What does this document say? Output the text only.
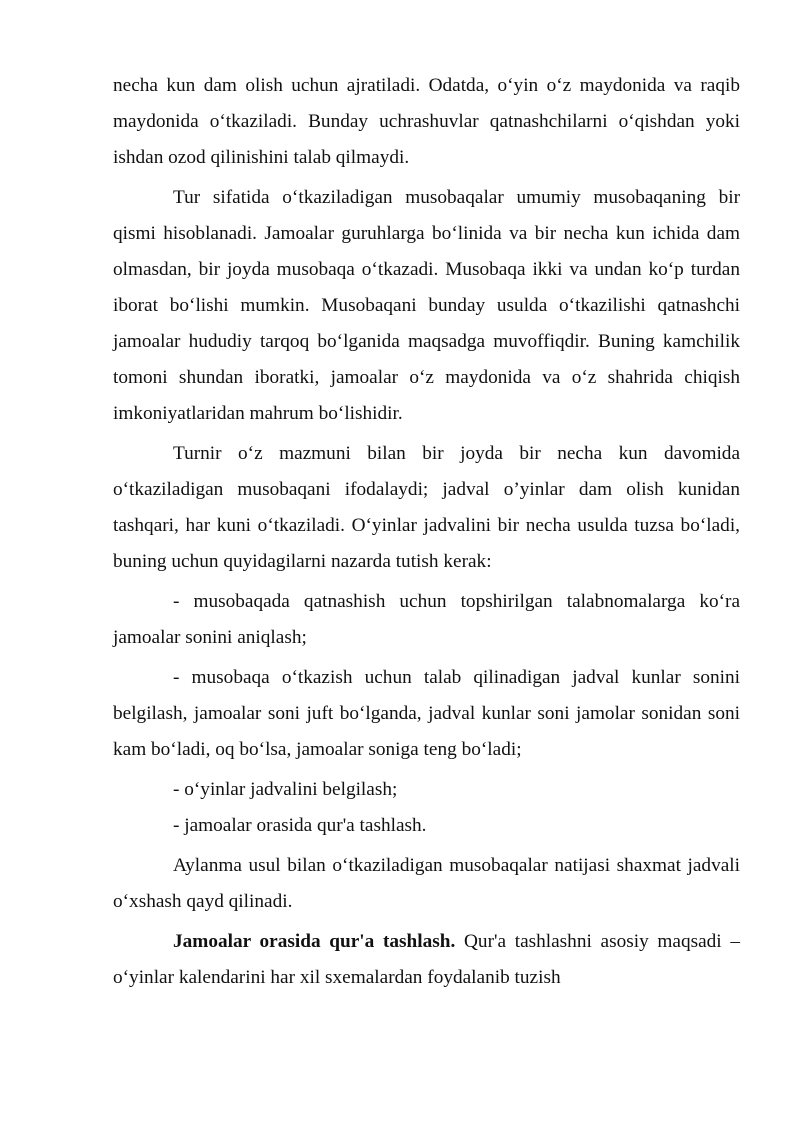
necha kun dam olish uchun ajratiladi. Odatda, o‘yin o‘z maydonida va raqib maydonida o‘tkaziladi. Bunday uchrashuvlar qatnashchilarni o‘qishdan yoki ishdan ozod qilinishini talab qilmaydi.

Tur sifatida o‘tkaziladigan musobaqalar umumiy musobaqaning bir qismi hisoblanadi. Jamoalar guruhlarga bo‘linida va bir necha kun ichida dam olmasdan, bir joyda musobaqa o‘tkazadi. Musobaqa ikki va undan ko‘p turdan iborat bo‘lishi mumkin. Musobaqani bunday usulda o‘tkazilishi qatnashchi jamoalar hududiy tarqoq bo‘lganida maqsadga muvoffiqdir. Buning kamchilik tomoni shundan iboratki, jamoalar o‘z maydonida va o‘z shahrida chiqish imkoniyatlaridan mahrum bo‘lishidir.

Turnir o‘z mazmuni bilan bir joyda bir necha kun davomida o‘tkaziladigan musobaqani ifodalaydi; jadval o’yinlar dam olish kunidan tashqari, har kuni o‘tkaziladi. O‘yinlar jadvalini bir necha usulda tuzsa bo‘ladi, buning uchun quyidagilarni nazarda tutish kerak:

- musobaqada qatnashish uchun topshirilgan talabnomalarga ko‘ra jamoalar sonini aniqlash;

- musobaqa o‘tkazish uchun talab qilinadigan jadval kunlar sonini belgilash, jamoalar soni juft bo‘lganda, jadval kunlar soni jamolar sonidan soni kam bo‘ladi, oq bo‘lsa, jamoalar soniga teng bo‘ladi;

- o‘yinlar jadvalini belgilash;

- jamoalar orasida qur'a tashlash.

Aylanma usul bilan o‘tkaziladigan musobaqalar natijasi shaxmat jadvali o‘xshash qayd qilinadi.

Jamoalar orasida qur'a tashlash. Qur'a tashlashni asosiy maqsadi – o‘yinlar kalendarini har xil sxemalardan foydalanib tuzish
